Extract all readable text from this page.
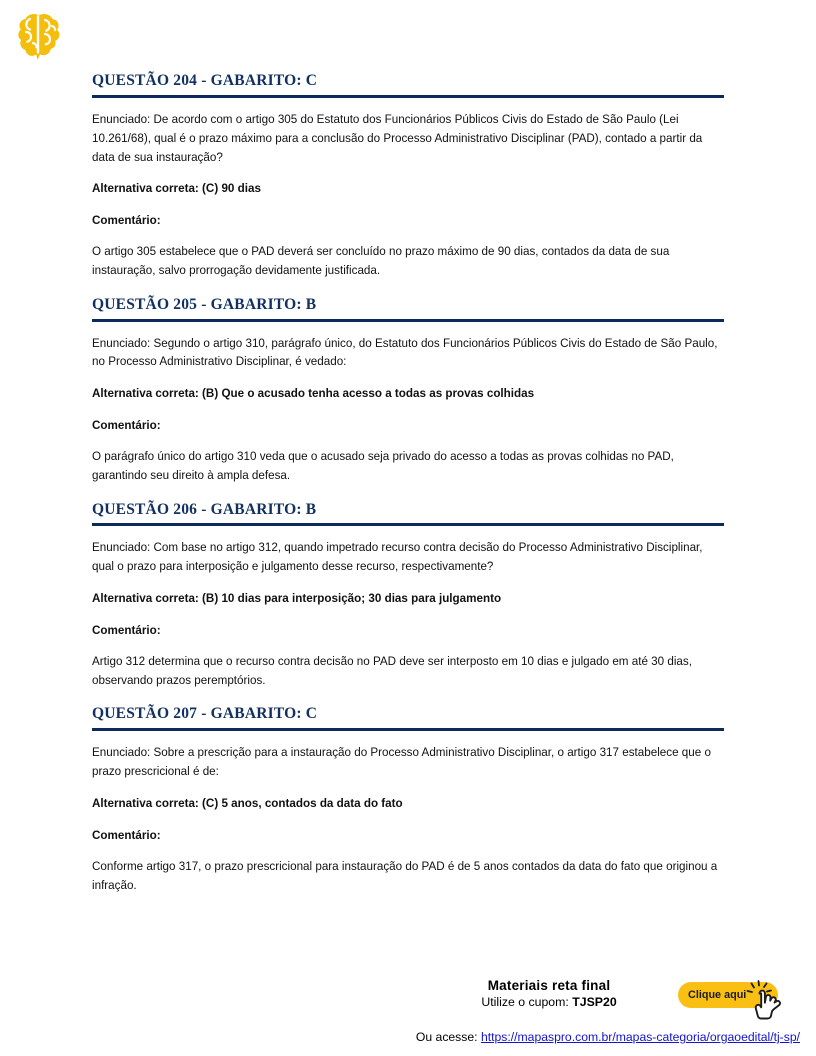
QUESTÃO 204 - GABARITO: C

Enunciado: De acordo com o artigo 305 do Estatuto dos Funcionários Públicos Civis do Estado de São Paulo (Lei 10.261/68), qual é o prazo máximo para a conclusão do Processo Administrativo Disciplinar (PAD), contado a partir da data de sua instauração?

Alternativa correta: (C) 90 dias

Comentário:

O artigo 305 estabelece que o PAD deverá ser concluído no prazo máximo de 90 dias, contados da data de sua instauração, salvo prorrogação devidamente justificada.

QUESTÃO 205 - GABARITO: B

Enunciado: Segundo o artigo 310, parágrafo único, do Estatuto dos Funcionários Públicos Civis do Estado de São Paulo, no Processo Administrativo Disciplinar, é vedado:

Alternativa correta: (B) Que o acusado tenha acesso a todas as provas colhidas

Comentário:

O parágrafo único do artigo 310 veda que o acusado seja privado do acesso a todas as provas colhidas no PAD, garantindo seu direito à ampla defesa.

QUESTÃO 206 - GABARITO: B

Enunciado: Com base no artigo 312, quando impetrado recurso contra decisão do Processo Administrativo Disciplinar, qual o prazo para interposição e julgamento desse recurso, respectivamente?

Alternativa correta: (B) 10 dias para interposição; 30 dias para julgamento

Comentário:

Artigo 312 determina que o recurso contra decisão no PAD deve ser interposto em 10 dias e julgado em até 30 dias, observando prazos peremptórios.

QUESTÃO 207 - GABARITO: C

Enunciado: Sobre a prescrição para a instauração do Processo Administrativo Disciplinar, o artigo 317 estabelece que o prazo prescricional é de:

Alternativa correta: (C) 5 anos, contados da data do fato

Comentário:

Conforme artigo 317, o prazo prescricional para instauração do PAD é de 5 anos contados da data do fato que originou a infração.

Materiais reta final
Utilize o cupom: TJSP20	Clique aqui
Ou acesse: https://mapaspro.com.br/mapas-categoria/orgaoedital/tj-sp/
